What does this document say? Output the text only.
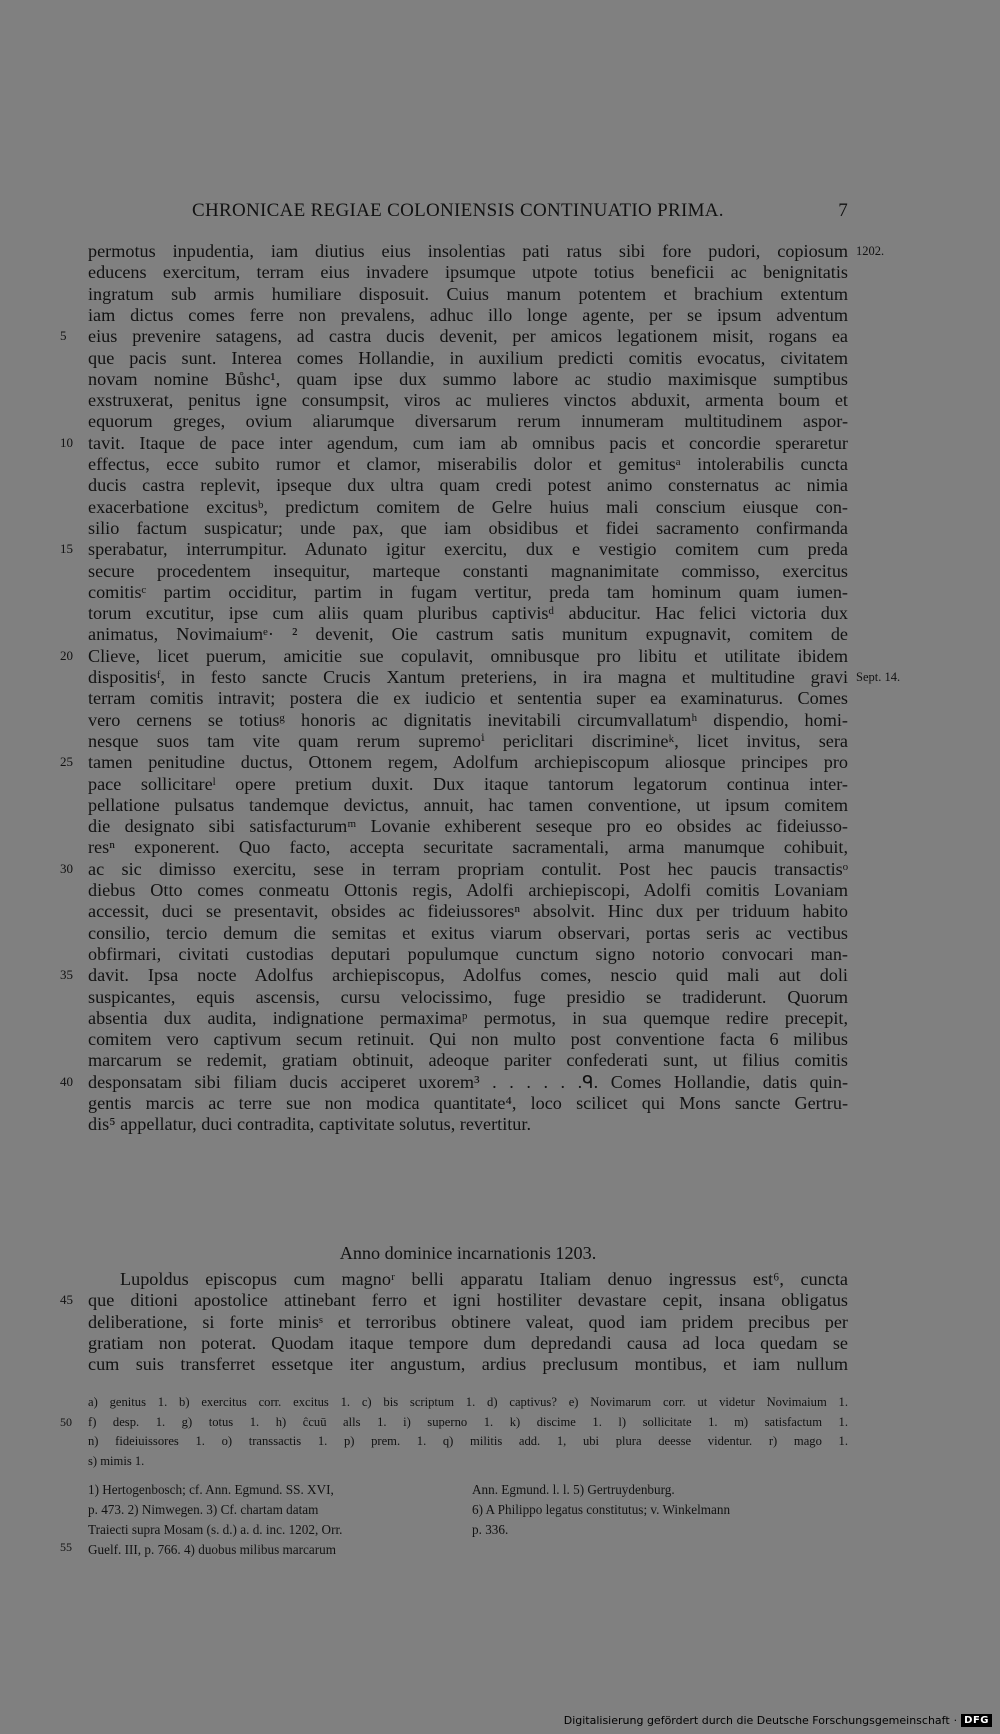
CHRONICAE REGIAE COLONIENSIS CONTINUATIO PRIMA.	7
permotus inpudentia, iam diutius eius insolentias pati ratus sibi fore pudori, copiosum 1202.
educens exercitum, terram eius invadere ipsumque utpote totius beneficii ac benignitatis
ingratum sub armis humiliare disposuit. Cuius manum potentem et brachium extentum
iam dictus comes ferre non prevalens, adhuc illo longe agente, per se ipsum adventum
5	eius prevenire satagens, ad castra ducis devenit, per amicos legationem misit, rogans ea
que pacis sunt. Interea comes Hollandie, in auxilium predicti comitis evocatus, civitatem
novam nomine Bůshc¹, quam ipse dux summo labore ac studio maximisque sumptibus
exstruxerat, penitus igne consumpsit, viros ac mulieres vinctos abduxit, armenta boum et
equorum greges, ovium aliarumque diversarum rerum innumeram multitudinem aspor-
10 tavit. Itaque de pace inter agendum, cum iam ab omnibus pacis et concordie speraretur
effectus, ecce subito rumor et clamor, miserabilis dolor et gemitusᵃ intolerabilis cuncta
ducis castra replevit, ipseque dux ultra quam credi potest animo consternatus ac nimia
exacerbatione excitusᵇ, predictum comitem de Gelre huius mali conscium eiusque con-
silio factum suspicatur; unde pax, que iam obsidibus et fidei sacramento confirmanda
15 sperabatur, interrumpitur. Adunato igitur exercitu, dux e vestigio comitem cum preda
secure procedentem insequitur, marteque constanti magnanimitate commisso, exercitus
comitisᶜ partim occiditur, partim in fugam vertitur, preda tam hominum quam iumen-
torum excutitur, ipse cum aliis quam pluribus captivisᵈ abducitur. Hac felici victoria dux
animatus, Novimaiumᵉ· ² devenit, Oie castrum satis munitum expugnavit, comitem de
20 Clieve, licet puerum, amicitie sue copulavit, omnibusque pro libitu et utilitate ibidem
dispositisᶠ, in festo sancte Crucis Xantum preteriens, in ira magna et multitudine gravi Sept. 14.
terram comitis intravit; postera die ex iudicio et sententia super ea examinaturus. Comes
vero cernens se totiusᵍ honoris ac dignitatis inevitabili circumvallatumʰ dispendio, homi-
nesque suos tam vite quam rerum supremoⁱ periclitari discrimineᵏ, licet invitus, sera
25 tamen penitudine ductus, Ottonem regem, Adolfum archiepiscopum aliosque principes pro
pace sollicitareˡ opere pretium duxit. Dux itaque tantorum legatorum continua inter-
pellatione pulsatus tandemque devictus, annuit, hac tamen conventione, ut ipsum comitem
die designato sibi satisfacturumᵐ Lovanie exhiberent seseque pro eo obsides ac fideiusso-
resⁿ exponerent. Quo facto, accepta securitate sacramentali, arma manumque cohibuit,
30 ac sic dimisso exercitu, sese in terram propriam contulit. Post hec paucis transactisᵒ
diebus Otto comes conmeatu Ottonis regis, Adolfi archiepiscopi, Adolfi comitis Lovaniam
accessit, duci se presentavit, obsides ac fideiussoresⁿ absolvit. Hinc dux per triduum habito
consilio, tercio demum die semitas et exitus viarum observari, portas seris ac vectibus
obfirmari, civitati custodias deputari populumque cunctum signo notorio convocari man-
35 davit. Ipsa nocte Adolfus archiepiscopus, Adolfus comes, nescio quid mali aut doli
suspicantes, equis ascensis, cursu velocissimo, fuge presidio se tradiderunt. Quorum
absentia dux audita, indignatione permaximaᵖ permotus, in sua quemque redire precepit,
comitem vero captivum secum retinuit. Qui non multo post conventione facta 6 milibus
marcarum se redemit, gratiam obtinuit, adeoque pariter confederati sunt, ut filius comitis
40 desponsatam sibi filiam ducis acciperet uxorem³ . . . . . .ᑫ. Comes Hollandie, datis quin-
gentis marcis ac terre sue non modica quantitate⁴, loco scilicet qui Mons sancte Gertru-
dis⁵ appellatur, duci contradita, captivitate solutus, revertitur.
Anno dominice incarnationis 1203.
Lupoldus episcopus cum magnoʳ belli apparatu Italiam denuo ingressus est⁶, cuncta
45 que ditioni apostolice attinebant ferro et igni hostiliter devastare cepit, insana obligatus
deliberatione, si forte minisˢ et terroribus obtinere valeat, quod iam pridem precibus per
gratiam non poterat. Quodam itaque tempore dum depredandi causa ad loca quedam se
cum suis transferret essetque iter angustum, ardius preclusum montibus, et iam nullum
a) genitus 1. b) exercitus corr. excitus 1. c) bis scriptum 1. d) captivus? e) Novimarum corr. ut videtur Novimaium 1.
50	f) desp. 1. g) totus 1. h) ĉcuū alls 1. i) superno 1. k) discime 1. l) sollicitate 1. m) satisfactum 1.
n) fideiuissores 1. o) transsactis 1. p) prem. 1. q) militis add. 1, ubi plura deesse videntur. r) mago 1.
s) mimis 1.
55
1) Hertogenbosch; cf. Ann. Egmund. SS. XVI,
p. 473. 2) Nimwegen. 3) Cf. chartam datam
Traiecti supra Mosam (s. d.) a. d. inc. 1202, Orr.
Guelf. III, p. 766. 4) duobus milibus marcarum
Ann. Egmund. l. l. 5) Gertruydenburg.
6) A Philippo legatus constitutus; v. Winkelmann
p. 336.
Digitalisierung gefördert durch die Deutsche Forschungsgemeinschaft · DFG
